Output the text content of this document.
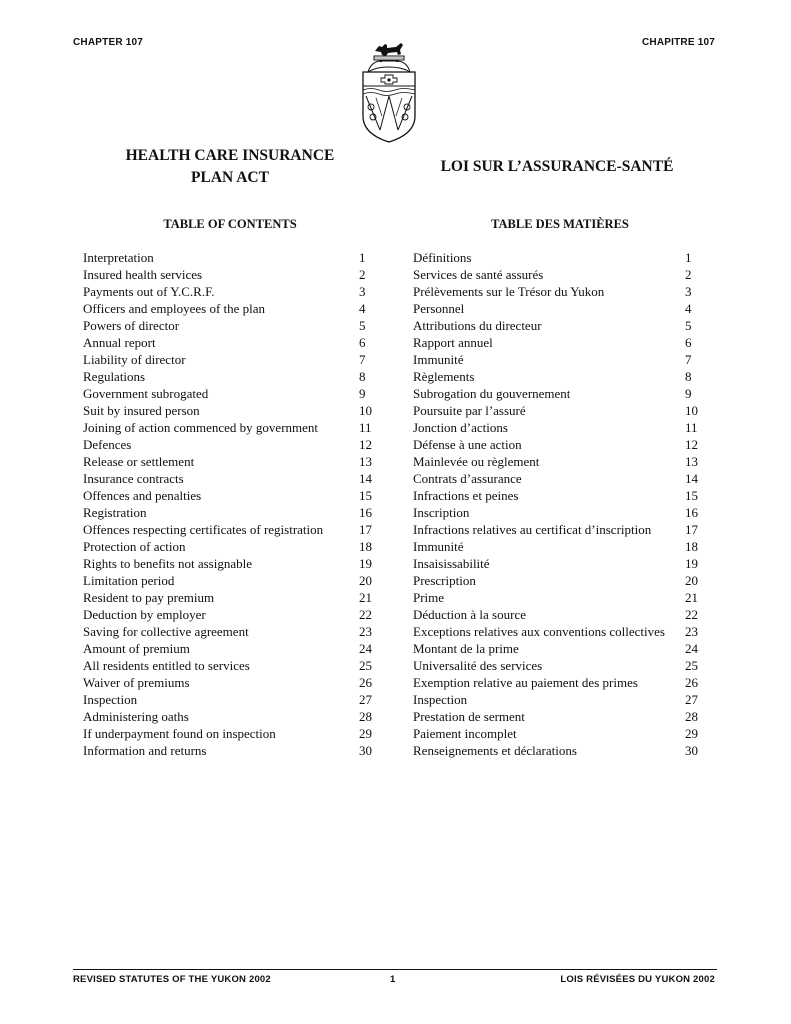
CHAPTER 107	CHAPITRE 107
HEALTH CARE INSURANCE
PLAN ACT
LOI SUR L’ASSURANCE-SANTÉ
TABLE OF CONTENTS	TABLE DES MATIÈRES
Interpretation	1
Insured health services	2
Payments out of Y.C.R.F.	3
Officers and employees of the plan	4
Powers of director	5
Annual report	6
Liability of director	7
Regulations	8
Government subrogated	9
Suit by insured person	10
Joining of action commenced by government	11
Defences	12
Release or settlement	13
Insurance contracts	14
Offences and penalties	15
Registration	16
Offences respecting certificates of registration	17
Protection of action	18
Rights to benefits not assignable	19
Limitation period	20
Resident to pay premium	21
Deduction by employer	22
Saving for collective agreement	23
Amount of premium	24
All residents entitled to services	25
Waiver of premiums	26
Inspection	27
Administering oaths	28
If underpayment found on inspection	29
Information and returns	30
Définitions	1
Services de santé assurés	2
Prélèvements sur le Trésor du Yukon	3
Personnel	4
Attributions du directeur	5
Rapport annuel	6
Immunité	7
Règlements	8
Subrogation du gouvernement	9
Poursuite par l’assuré	10
Jonction d’actions	11
Défense à une action	12
Mainlevée ou règlement	13
Contrats d’assurance	14
Infractions et peines	15
Inscription	16
Infractions relatives au certificat d’inscription	17
Immunité	18
Insaisissabilité	19
Prescription	20
Prime	21
Déduction à la source	22
Exceptions relatives aux conventions collectives	23
Montant de la prime	24
Universalité des services	25
Exemption relative au paiement des primes	26
Inspection	27
Prestation de serment	28
Paiement incomplet	29
Renseignements et déclarations	30
REVISED STATUTES OF THE YUKON 2002	1	LOIS RÉVISÉES DU YUKON 2002
